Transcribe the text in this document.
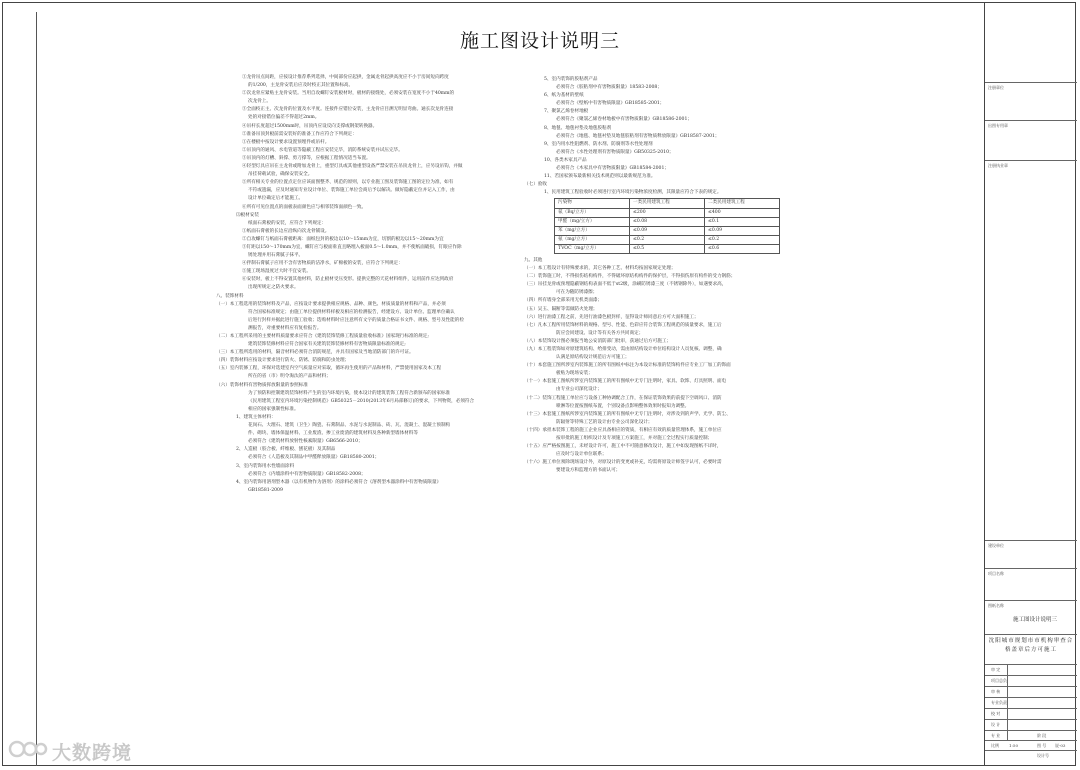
施工图设计说明三
①龙骨吊点间距，应按设计推荐系列选择，中间部份应起拱，金属龙骨起拱高度应不小于房间短向跨度
的1/200，主龙骨安装后应及时校正其位置和标高。
②次龙骨应紧贴主龙骨安装。当用自攻螺钉安装板材时，板材的接缝处，必须安装在宽度不小于40mm的
次龙骨上。
③全面校正主、次龙骨的位置及水平度。连接件应错位安装，主龙骨应目测无明显弯曲。通长次龙骨连接
处的对接错位偏差不得超过2mm。
④吊杆长度超过1500mm时，吊顶内应设反向支撑或钢架转换器。
②准备吊顶封板前需安装好的准备工作应符合下列规定：
①在楼板中按设计要求设置预埋件或吊杆。
②吊顶内的通风、水电管道等隐蔽工程应安装完毕，消防系统安装并试压完毕。
③吊顶内的灯槽、斜撑、剪刀撑等，应根据工程情况适当布置。
④轻型灯具应吊在主龙骨或附加龙骨上，重型灯具或其他重型设备严禁安装在吊顶龙骨上，应另设吊钩，并做
吊挂荷载试验，确保安装安全。
⑤所有相关专业的位置点定位应该面图整齐、规范的原则，以专业施工图及装饰施工图的定位为准，如有
不符或遗漏，应及时通知专业设计单位、装饰施工单位会商后予以解决。做好隐蔽定位并记入工作，由
设计单位确定后才能施工。
⑥所有可见位置点的面板表面颜色应与相邻装饰面颜色一致。
⑶板材安装
纸面石膏板的安装，应符合下列规定：
①纸面石膏板的长边应沿纵向次龙骨铺设。
②自攻螺钉与纸面石膏板距离：面纸包封的板边以10～15mm为宜，切割的板边以15～20mm为宜
③钉距以150～170mm为宜，螺钉应与板面垂直且略埋入板面0.5～1.0mm，并不使纸面破损，钉眼应作除
锈处理并用石膏腻子抹平。
④拌制石膏腻子应用不含有害物质的洁净水，矿棉板的安装，应符合下列规定：
⑤施工现场湿度过大时不宜安装。
⑥安装时，板上不得安置其他材料，防止板材受压变形。提供完整的天花材料组件，运用前作应达到政府
出现所规定之防火要求。
八、装饰材料
（一）本工程选用的装饰材料及产品，应按设计要求提供相应规格、品种、颜色、材质质量的材料和产品，并必须
符合国家标准规定；由施工单位提供材料样板及相应的检测报告，经建设方、设计单位、监理单位确认
后进行封样并据此进行施工验收；选购材料时应注意所有文字的质量合格证书文件、规格、型号及性能的检
测报告，对重要材料应有复检报告。
（二）本工程所采用的主要材料质量要求应符合《建筑装饰装修工程质量验收标准》国家现行标准的规定;
建筑装饰装修材料应符合国家有关建筑装饰装修材料有害物质限量标准的规定;
（三）本工程所选用的材料，隔音材料必须符合消防规范，并具有国家及当地消防部门的许可证。
（四）装饰材料应按设计要求进行防火、防锈、防腐和防虫处理；
（五）室内装修工程，环保对选建室内空气质量应对采取，循环再生使用的产品和材料，严禁使用国家及本工程
所在的省（市）明令淘汰的产品和材料；
（六）装饰材料有害物质挥放限量的参照标准
为了预防和控制建筑装饰材料产生的室内环境污染，使本设计的建筑装饰工程符合新颁布的国家标准
《民用建筑工程室内环境污染控制规范》GB50325－2010(2013年6月局部修订)的要求，下列物资，必须符合
相应的国家强制性标准。
1、建筑主体材料：
花岗石、大理石、建筑（卫生）陶瓷、石膏制品、水泥与水泥制品、砖、瓦、混凝土、混凝土预制构
件、砌块、墙体保温材料、工业废渣、掺工业废渣的建筑材料及各种新型墙体材料等
必须符合《建筑材料放射性核素限量》GB6566-2010；
2、人造板（胶合板、纤维板、刨花板）及其制品
必须符合《人造板及其制品中甲醛释放限量》GB18580-2001；
3、室内装饰用水性墙面涂料
必须符合《内墙涂料中有害物质限量》GB18582-2008；
4、室内装饰用溶剂型木器（以有机物作为溶剂）的涂料必须符合《溶剂型木器涂料中有害物质限量》
GB18581-2009
5、室内装饰的胶粘剂产品
必须符合《胶粘剂中有害物质限量》18583-2008；
6、纸为基材的壁纸
必须符合《壁纸中有害物质限量》GB18585-2001；
7、聚氯乙烯卷材地板
必须符合《聚氯乙烯卷材地板中有害物质限量》GB18586-2001；
8、地毯、地毯衬垫及地毯胶粘剂
必须符合《地毯、地毯衬垫及地毯胶粘剂有害物质释放限量》GB18587-2001；
9、室内用水性阻燃剂、防水剂、防腐剂等水性处理剂
必须符合《水性处理剂有害物质限量》GB50325-2010；
10、各类木家具产品
必须符合《木家具中有害物质限量》GB18584-2001；
11、若国家颁布最新相关技术规范则以最新规范为准。
（七）验收
1、民用建筑工程验收时必须进行室内环境污染物浓度检测，其限量应符合下表的规定。
污染物	一类民用建筑工程	二类民用建筑工程
氡（Bq/立方）	≤200	≤400
甲醛（mg/立方）	≤0.08	≤0.1
苯（mg/立方）	≤0.09	≤0.09
氨（mg/立方）	≤0.2	≤0.2
TVOC（mg/立方）	≤0.5	≤0.6
九、其他
（一）本工程设计有特殊要求的，其它各种工艺、材料均按国家规定处理；
（二）装饰施工时，不得损伤结构构件，不得破坏原结构构件的保护层，不得损伤原有构件的受力钢筋；
（三）吊挂龙骨或预埋隐蔽钢结构表面不低于st2级，涂刷防锈漆三度（不锈钢除外），如遇要求高，
可在为随防锈漆擦；
（四）所有墙身全部采用无机类面漆；
（五）吴玉、隔断等需做防火处理；
（六）进行油漆工程之前，先进行油漆色板封样，征得设计师同意后方可大面积施工；
（七）凡本工程所用装饰材料的规格、型号、性能、色彩应符合装饰工程规范的质量要求，施工后
防应会同建设、设计等有关各方共同商定；
（八）本装饰设计图必须报当地公安消防部门批审，获通过后方可施工；
（九）本工程装饰如对原建筑结构、给排变动，需由原结构设计单位结构设计人员复核、调整，确
认满足原结构设计规范后方可施工；
（十）本套施工图所涉室内装饰施工的所有图纸中标注为本设计标准的装饰构件应专业工厂加工的饰面
板贴为现场安装；
（十一）本套施工图纸所涉室内装饰施工的所有图纸中无专门注明时，家具、软饰、灯具照明、面电
由专业公司深化设计；
（十二）装饰工程施工单位应与设备工种协调配合工作，在保证装饰效果的前提下空调风口、消防
喷淋等位置按图纸布置，个别设备点影响整体效果时报知为调整。
（十三）本套施工图纸所涉室内装饰施工的所有图纸中无专门注明时，对涉及到的声学、光学、防尘、
防辐射等特殊工艺的设计由专业公司深化设计；
（十四）承担本装饰工程的施工企业应具备相应的资质，有相应有效的质量管理体系，施工单位应
按审批的施工组织设计及专项施工方案施工，并对施工全过程实行质量控制；
（十五）应严格按图施工，未经设计许可，施工中不可随意修改设计，施工中如发现图纸不详时，
应及时与设计单位联系；
（十六）施工单位须除现场设计外，对原设计的变更或补充，均需将原设计师签字认可，必要时需
要建设方和监理方的书面认可；
注册章位
出图专用章
注册执业章
建设单位
项目名称
图纸名称
施工图设计说明三
沈阳城市规划市市机构审查合格盖章后方可施工
审 定
项目总负
审 核
专业负责
校 对
设 计
专 业	阶 段
比例	1:50	图 号 说-03
设计号
大数跨境
